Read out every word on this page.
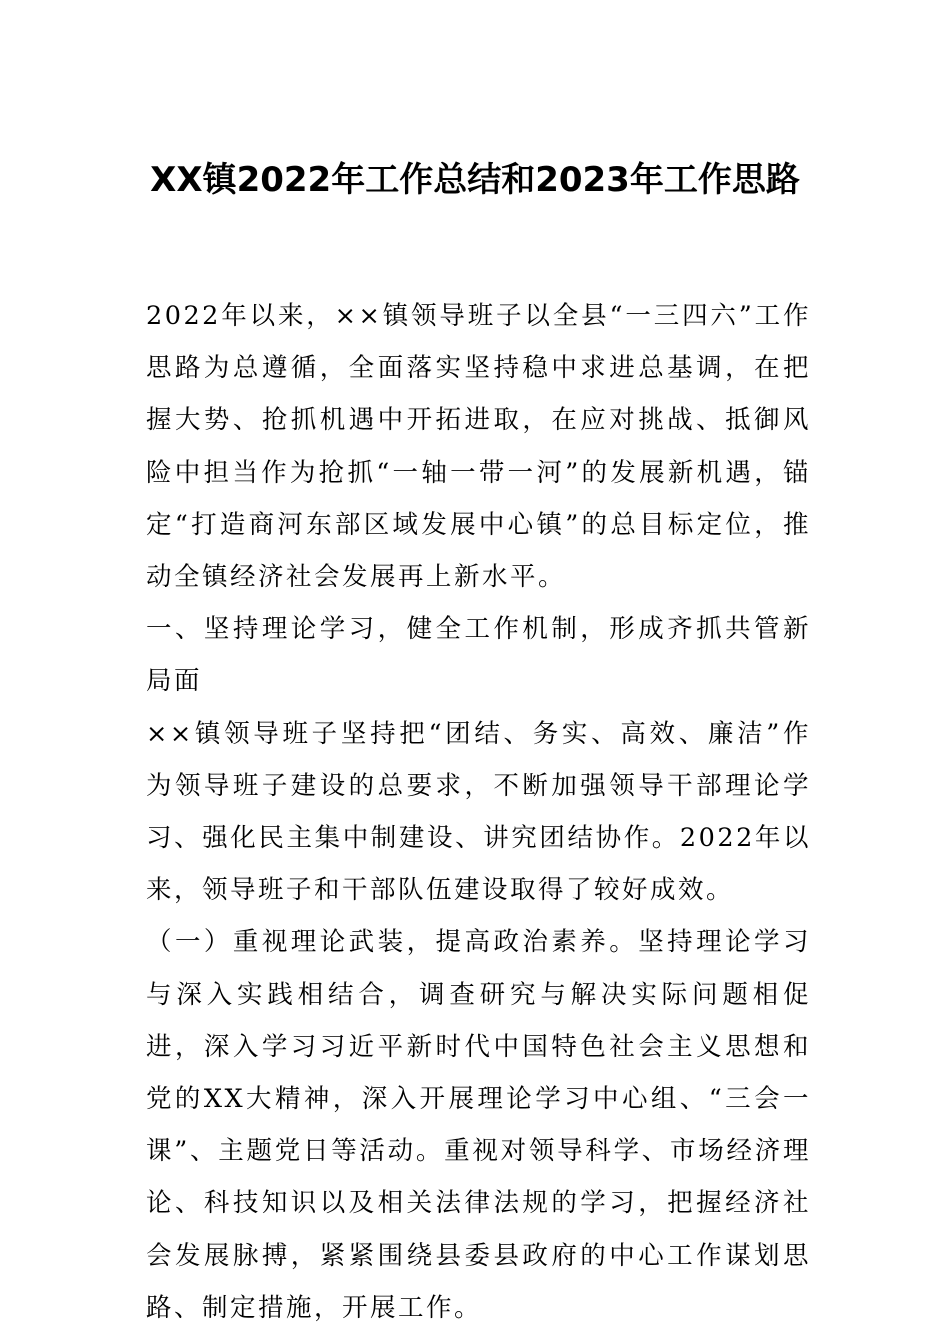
XX镇2022年工作总结和2023年工作思路

2022年以来，××镇领导班子以全县“一三四六”工作思路为总遵循，全面落实坚持稳中求进总基调，在把握大势、抢抓机遇中开拓进取，在应对挑战、抵御风险中担当作为抢抓“一轴一带一河”的发展新机遇，锚定“打造商河东部区域发展中心镇”的总目标定位，推动全镇经济社会发展再上新水平。

一、坚持理论学习，健全工作机制，形成齐抓共管新局面

××镇领导班子坚持把“团结、务实、高效、廉洁”作为领导班子建设的总要求，不断加强领导干部理论学习、强化民主集中制建设、讲究团结协作。2022年以来，领导班子和干部队伍建设取得了较好成效。

（一）重视理论武装，提高政治素养。坚持理论学习与深入实践相结合，调查研究与解决实际问题相促进，深入学习习近平新时代中国特色社会主义思想和党的XX大精神，深入开展理论学习中心组、“三会一课”、主题党日等活动。重视对领导科学、市场经济理论、科技知识以及相关法律法规的学习，把握经济社会发展脉搏，紧紧围绕县委县政府的中心工作谋划思路、制定措施，开展工作。
